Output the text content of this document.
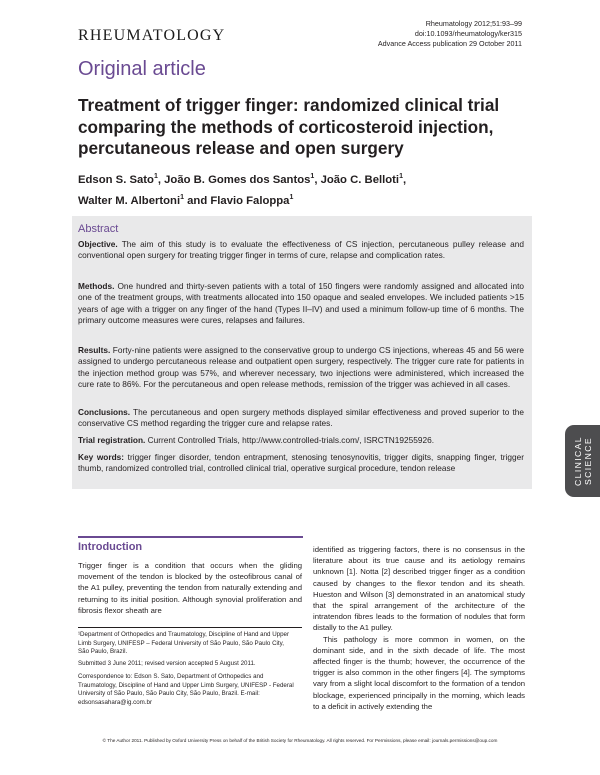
RHEUMATOLOGY
Rheumatology 2012;51:93–99
doi:10.1093/rheumatology/ker315
Advance Access publication 29 October 2011
Original article
Treatment of trigger finger: randomized clinical trial comparing the methods of corticosteroid injection, percutaneous release and open surgery
Edson S. Sato$^1$, João B. Gomes dos Santos$^1$, João C. Belloti$^1$,
Walter M. Albertoni$^1$ and Flavio Faloppa$^1$
Abstract
Objective. The aim of this study is to evaluate the effectiveness of CS injection, percutaneous pulley release and conventional open surgery for treating trigger finger in terms of cure, relapse and complication rates.
Methods. One hundred and thirty-seven patients with a total of 150 fingers were randomly assigned and allocated into one of the treatment groups, with treatments allocated into 150 opaque and sealed envelopes. We included patients >15 years of age with a trigger on any finger of the hand (Types II–IV) and used a minimum follow-up time of 6 months. The primary outcome measures were cures, relapses and failures.
Results. Forty-nine patients were assigned to the conservative group to undergo CS injections, whereas 45 and 56 were assigned to undergo percutaneous release and outpatient open surgery, respectively. The trigger cure rate for patients in the injection method group was 57%, and wherever necessary, two injections were administered, which increased the cure rate to 86%. For the percutaneous and open release methods, remission of the trigger was achieved in all cases.
Conclusions. The percutaneous and open surgery methods displayed similar effectiveness and proved superior to the conservative CS method regarding the trigger cure and relapse rates.
Trial registration. Current Controlled Trials, http://www.controlled-trials.com/, ISRCTN19255926.
Key words: trigger finger disorder, tendon entrapment, stenosing tenosynovitis, trigger digits, snapping finger, trigger thumb, randomized controlled trial, controlled clinical trial, operative surgical procedure, tendon release	CLINICAL SCIENCE
Introduction
Trigger finger is a condition that occurs when the gliding movement of the tendon is blocked by the osteofibrous canal of the A1 pulley, preventing the tendon from naturally extending and returning to its initial position. Although synovial proliferation and fibrosis flexor sheath are

identified as triggering factors, there is no consensus in the literature about its true cause and its aetiology remains unknown [1]. Notta [2] described trigger finger as a condition caused by changes to the flexor tendon and its sheath. Hueston and Wilson [3] demonstrated in an anatomical study that the spiral arrangement of the architecture of the intratendon fibres leads to the formation of nodules that form distally to the A1 pulley.

This pathology is more common in women, on the dominant side, and in the sixth decade of life. The most affected finger is the thumb; however, the occurrence of the trigger is also common in the other fingers [4]. The symptoms vary from a slight local discomfort to the formation of a tendon blockage, experienced principally in the morning, which leads to a deficit in actively extending the

¹Department of Orthopedics and Traumatology, Discipline of Hand and Upper Limb Surgery, UNIFESP – Federal University of São Paulo, São Paulo City, São Paulo, Brazil.
Submitted 3 June 2011; revised version accepted 5 August 2011.
Correspondence to: Edson S. Sato, Department of Orthopedics and Traumatology, Discipline of Hand and Upper Limb Surgery, UNIFESP - Federal University of São Paulo, São Paulo City, São Paulo, Brazil. E-mail: edsonsasahara@ig.com.br
© The Author 2011. Published by Oxford University Press on behalf of the British Society for Rheumatology. All rights reserved. For Permissions, please email: journals.permissions@oup.com
